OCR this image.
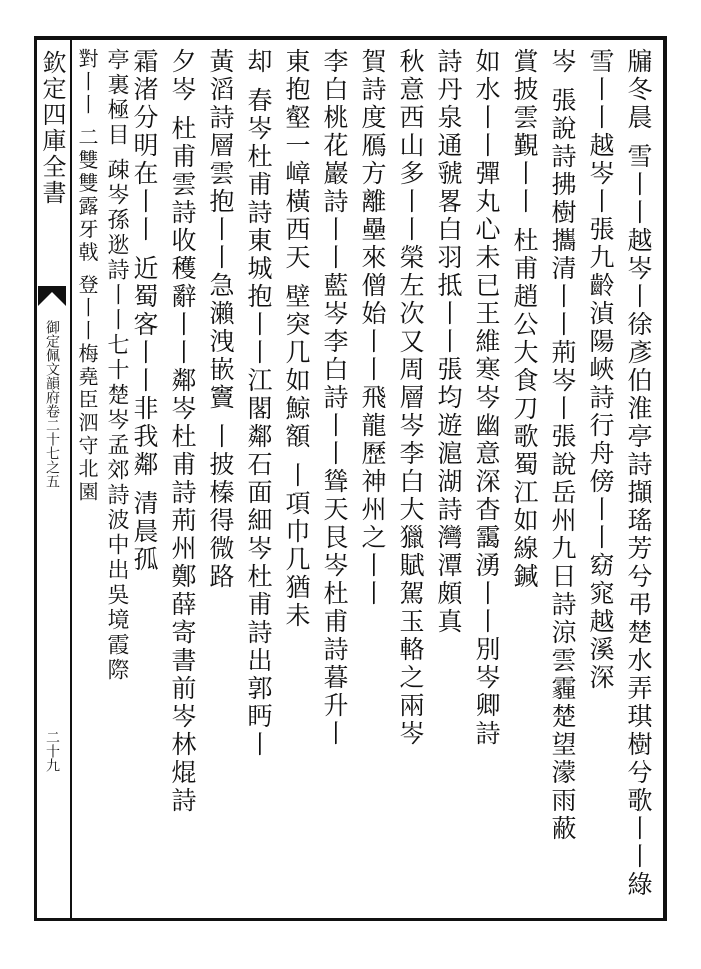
欽定四庫全書
御定佩文韻府卷二十七之五
二十九	牖冬晨 雪丨丨越岑丨徐彥伯淮亭詩擷瑤芳兮弔楚水弄琪樹兮歌丨丨綠
雪丨丨越岑丨張九齡湞陽峽詩行舟傍丨丨窈窕越溪深
岑 張說詩拂樹攜清丨丨荊岑丨張說岳州九日詩涼雲霾楚望濛雨蔽
賞披雲覲丨丨 杜甫趙公大食刀歌蜀江如線鍼
如水丨丨彈丸心未已王維寒岑幽意深杳靄湧丨丨別岑卿詩
詩丹泉通虢畧白羽抵丨丨張均遊滬湖詩灣潭頗真
秋意西山多丨丨榮左次又周層岑李白大獵賦駕玉輅之兩岑
賀詩度鴈方離壘來僧始丨丨飛龍歷神州之丨丨
李白桃花巖詩丨丨藍岑李白詩丨丨聳天艮岑杜甫詩暮升丨
東抱壑一嶂橫西天 壁突几如鯨額 丨項巾几猶未
却 春岑杜甫詩東城抱丨丨江閣鄰石面細岑杜甫詩出郭眄丨
黃滔詩層雲抱丨丨急瀨洩嵌竇 丨披榛得微路
夕岑 杜甫雲詩收穫辭丨丨鄰岑杜甫詩荊州鄭薛寄書前岑林焜詩
霜渚分明在丨丨 近蜀客丨丨非我鄰 清晨孤
亭裏極目 疎岑孫逖詩丨丨七十楚岑孟郊詩波中出吳境霞際
對丨丨 二雙雙露牙戟 登丨丨梅堯臣泗守北園
